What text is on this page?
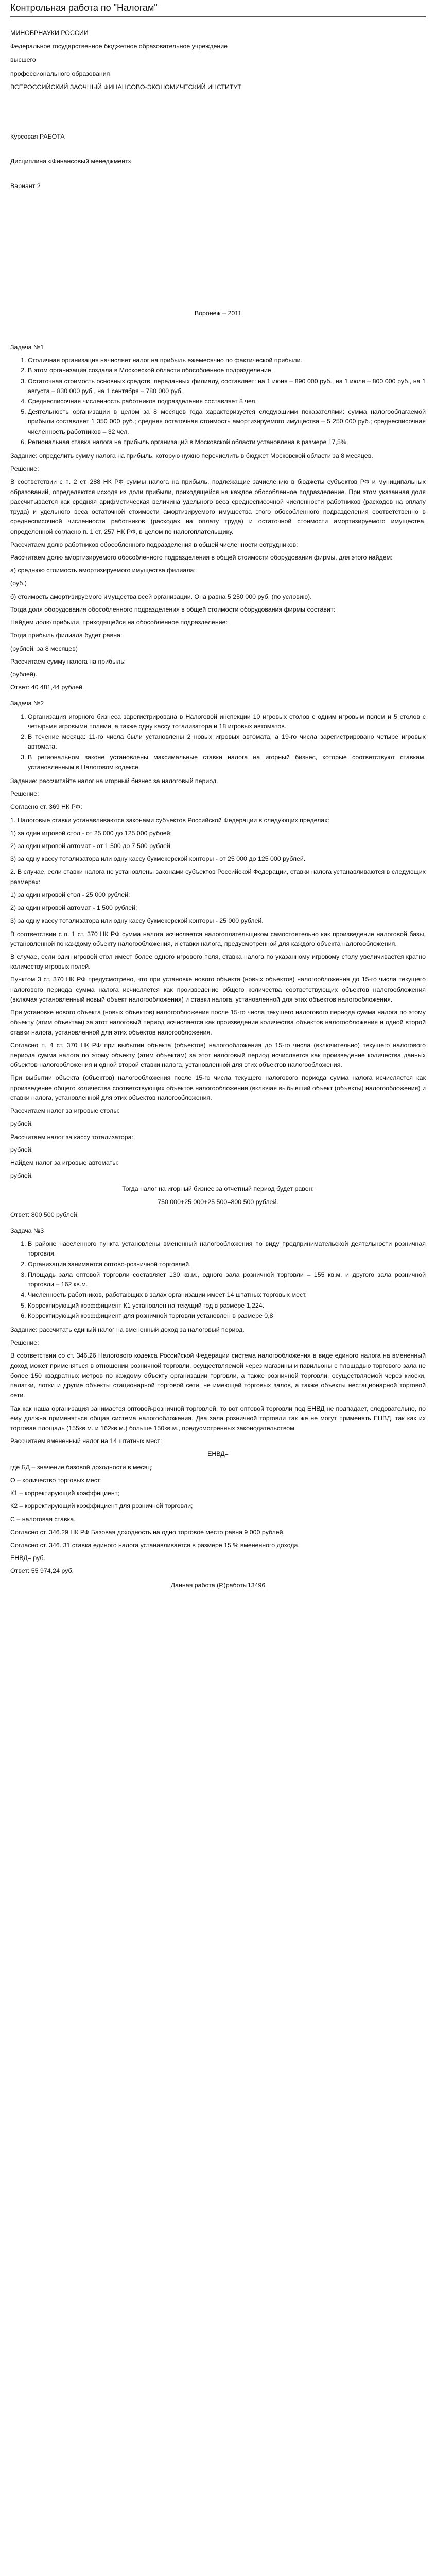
Контрольная работа по "Налогам"

МИНОБРНАУКИ РОССИИ

Федеральное государственное бюджетное образовательное учреждение

высшего

профессионального образования

ВСЕРОССИЙСКИЙ ЗАОЧНЫЙ ФИНАНСОВО-ЭКОНОМИЧЕСКИЙ ИНСТИТУТ

Курсовая РАБОТА

Дисциплина «Финансовый менеджмент»

Вариант 2

Воронеж – 2011

Задача №1

1. Столичная организация начисляет налог на прибыль ежемесячно по фактической прибыли.
2. В этом организация создала в Московской области обособленное подразделение.
3. Остаточная стоимость основных средств, переданных филиалу, составляет: на 1 июня – 890 000 руб., на 1 июля – 800 000 руб., на 1 августа – 830 000 руб., на 1 сентября – 780 000 руб.
4. Среднесписочная численность работников подразделения составляет 8 чел.
5. Деятельность организации в целом за 8 месяцев года характеризуется следующими показателями: сумма налогооблагаемой прибыли составляет 1 350 000 руб.; средняя остаточная стоимость амортизируемого имущества – 5 250 000 руб.; среднесписочная численность работников – 32 чел.
6. Региональная ставка налога на прибыль организаций в Московской области установлена в размере 17,5%.

Задание: определить сумму налога на прибыль, которую нужно перечислить в бюджет Московской области за 8 месяцев.

Решение:

В соответствии с п. 2 ст. 288 НК РФ суммы налога на прибыль, подлежащие зачислению в бюджеты субъектов РФ и муниципальных образований, определяются исходя из доли прибыли, приходящейся на каждое обособленное подразделение. При этом указанная доля рассчитывается как средняя арифметическая величина удельного веса среднесписочной численности работников (расходов на оплату труда) и удельного веса остаточной стоимости амортизируемого имущества этого обособленного подразделения соответственно в среднесписочной численности работников (расходах на оплату труда) и остаточной стоимости амортизируемого имущества, определенной согласно п. 1 ст. 257 НК РФ, в целом по налогоплательщику.

Рассчитаем долю работников обособленного подразделения в общей численности сотрудников:

Рассчитаем долю амортизируемого обособленного подразделения в общей стоимости оборудования фирмы, для этого найдем:

а) среднюю стоимость амортизируемого имущества филиала:

(руб.)

б) стоимость амортизируемого имущества всей организации. Она равна 5 250 000 руб. (по условию).

Тогда доля оборудования обособленного подразделения в общей стоимости оборудования фирмы составит:

Найдем долю прибыли, приходящейся на обособленное подразделение:

Тогда прибыль филиала будет равна:

(рублей, за 8 месяцев)

Рассчитаем сумму налога на прибыль:

(рублей).

Ответ: 40 481,44 рублей.

Задача №2

1. Организация игорного бизнеса зарегистрирована в Налоговой инспекции 10 игровых столов с одним игровым полем и 5 столов с четырьмя игровыми полями, а также одну кассу тотализатора и 18 игровых автоматов.
2. В течение месяца: 11-го числа были установлены 2 новых игровых автомата, а 19-го числа зарегистрировано четыре игровых автомата.
3. В региональном законе установлены максимальные ставки налога на игорный бизнес, которые соответствуют ставкам, установленным в Налоговом кодексе.

Задание: рассчитайте налог на игорный бизнес за налоговый период.

Решение:

Согласно ст. 369 НК РФ:

1. Налоговые ставки устанавливаются законами субъектов Российской Федерации в следующих пределах:

1) за один игровой стол - от 25 000 до 125 000 рублей;

2) за один игровой автомат - от 1 500 до 7 500 рублей;

3) за одну кассу тотализатора или одну кассу букмекерской конторы - от 25 000 до 125 000 рублей.

2. В случае, если ставки налога не установлены законами субъектов Российской Федерации, ставки налога устанавливаются в следующих размерах:

1) за один игровой стол - 25 000 рублей;

2) за один игровой автомат - 1 500 рублей;

3) за одну кассу тотализатора или одну кассу букмекерской конторы - 25 000 рублей.

В соответствии с п. 1 ст. 370 НК РФ сумма налога исчисляется налогоплательщиком самостоятельно как произведение налоговой базы, установленной по каждому объекту налогообложения, и ставки налога, предусмотренной для каждого объекта налогообложения.

В случае, если один игровой стол имеет более одного игрового поля, ставка налога по указанному игровому столу увеличивается кратно количеству игровых полей.

Пунктом 3 ст. 370 НК РФ предусмотрено, что при установке нового объекта (новых объектов) налогообложения до 15-го числа текущего налогового периода сумма налога исчисляется как произведение общего количества соответствующих объектов налогообложения (включая установленный новый объект налогообложения) и ставки налога, установленной для этих объектов налогообложения.

При установке нового объекта (новых объектов) налогообложения после 15-го числа текущего налогового периода сумма налога по этому объекту (этим объектам) за этот налоговый период исчисляется как произведение количества объектов налогообложения и одной второй ставки налога, установленной для этих объектов налогообложения.

Согласно п. 4 ст. 370 НК РФ при выбытии объекта (объектов) налогообложения до 15-го числа (включительно) текущего налогового периода сумма налога по этому объекту (этим объектам) за этот налоговый период исчисляется как произведение количества данных объектов налогообложения и одной второй ставки налога, установленной для этих объектов налогообложения.

При выбытии объекта (объектов) налогообложения после 15-го числа текущего налогового периода сумма налога исчисляется как произведение общего количества соответствующих объектов налогообложения (включая выбывший объект (объекты) налогообложения) и ставки налога, установленной для этих объектов налогообложения.

Рассчитаем налог за игровые столы:

рублей.

Рассчитаем налог за кассу тотализатора:

рублей.

Найдем налог за игровые автоматы:

рублей.

Тогда налог на игорный бизнес за отчетный период будет равен:

750 000+25 000+25 500=800 500 рублей.

Ответ: 800 500 рублей.

Задача №3

1. В районе населенного пункта установлены вмененный налогообложения по виду предпринимательской деятельности розничная торговля.
2. Организация занимается оптово-розничной торговлей.
3. Площадь зала оптовой торговли составляет 130 кв.м., одного зала розничной торговли – 155 кв.м. и другого зала розничной торговли – 162 кв.м.
4. Численность работников, работающих в залах организации имеет 14 штатных торговых мест.
5. Корректирующий коэффициент К1 установлен на текущий год в размере 1,224.
6. Корректирующий коэффициент для розничной торговли установлен в размере 0,8

Задание: рассчитать единый налог на вмененный доход за налоговый период.

Решение:

В соответствии со ст. 346.26 Налогового кодекса Российской Федерации система налогообложения в виде единого налога на вмененный доход может применяться в отношении розничной торговли, осуществляемой через магазины и павильоны с площадью торгового зала не более 150 квадратных метров по каждому объекту организации торговли, а также розничной торговли, осуществляемой через киоски, палатки, лотки и другие объекты стационарной торговой сети, не имеющей торговых залов, а также объекты нестационарной торговой сети.

Так как наша организация занимается оптовой-розничной торговлей, то вот оптовой торговли под ЕНВД не подпадает, следовательно, по ему должна применяться общая система налогообложения. Два зала розничной торговли так же не могут применять ЕНВД, так как их торговая площадь (155кв.м. и 162кв.м.) больше 150кв.м., предусмотренных законодательством.

Рассчитаем вмененный налог на 14 штатных мест:

ЕНВД=

где БД – значение базовой доходности в месяц;

О – количество торговых мест;

К1 – корректирующий коэффициент;

К2 – корректирующий коэффициент для розничной торговли;

С – налоговая ставка.

Согласно ст. 346.29 НК РФ Базовая доходность на одно торговое место равна 9 000 рублей.

Согласно ст. 346. 31 ставка единого налога устанавливается в размере 15 % вмененного дохода.

ЕНВД= руб.

Ответ: 55 974,24 руб.

Данная работа (Р.)работы13496
